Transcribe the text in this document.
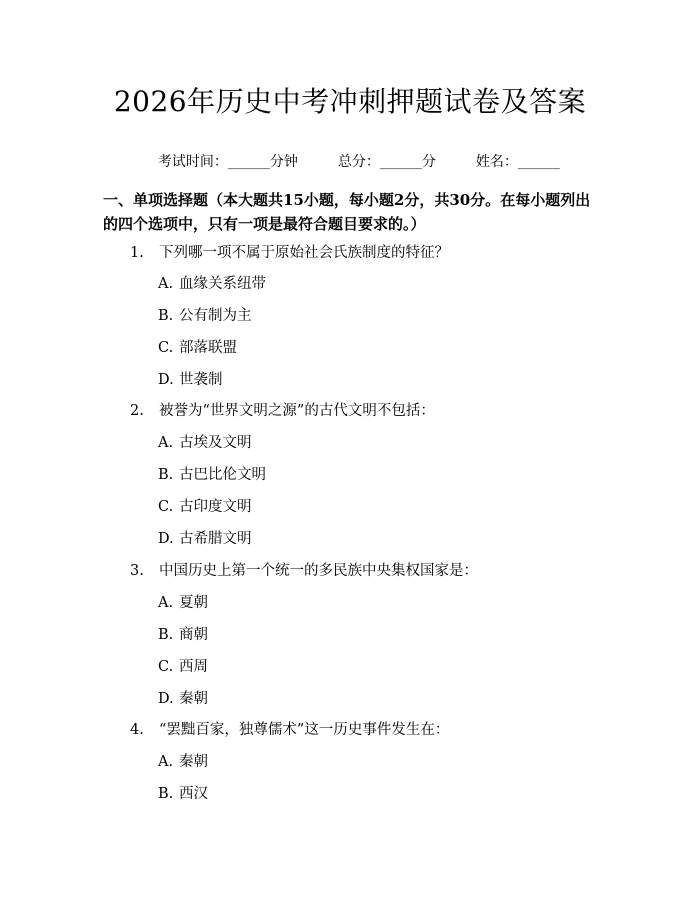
2026年历史中考冲刺押题试卷及答案

考试时间：______分钟	总分：______分	姓名：______

一、单项选择题（本大题共15小题，每小题2分，共30分。在每小题列出的四个选项中，只有一项是最符合题目要求的。）
1. 下列哪一项不属于原始社会氏族制度的特征？
A. 血缘关系纽带
B. 公有制为主
C. 部落联盟
D. 世袭制
2. 被誉为“世界文明之源”的古代文明不包括：
A. 古埃及文明
B. 古巴比伦文明
C. 古印度文明
D. 古希腊文明
3. 中国历史上第一个统一的多民族中央集权国家是：
A. 夏朝
B. 商朝
C. 西周
D. 秦朝
4. “罢黜百家，独尊儒术”这一历史事件发生在：
A. 秦朝
B. 西汉
